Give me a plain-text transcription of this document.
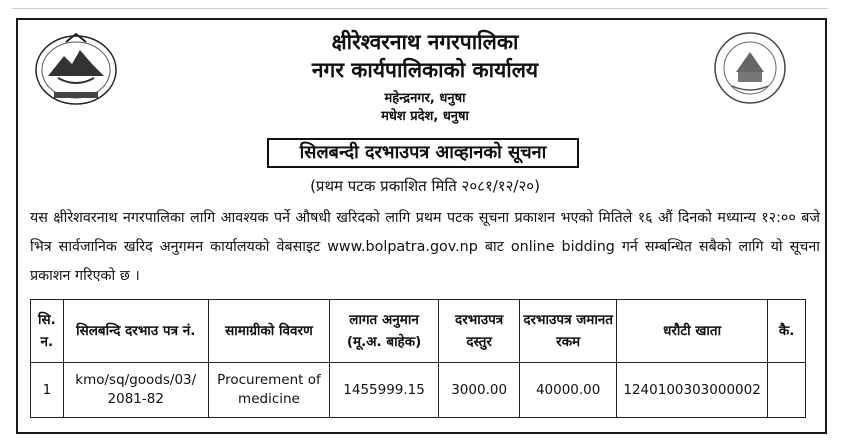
क्षीरेश्वरनाथ नगरपालिका
नगर कार्यपालिकाको कार्यालय
महेन्द्रनगर, धनुषा
मधेश प्रदेश, धनुषा
सिलबन्दी दरभाउपत्र आव्हानको सूचना
(प्रथम पटक प्रकाशित मिति २०८१/१२/२०)
यस क्षीरेशवरनाथ नगरपालिका लागि आवश्यक पर्ने औषधी खरिदको लागि प्रथम पटक सूचना प्रकाशन भएको मितिले १६ औं दिनको मध्यान्य १२:०० बजे भित्र सार्वजानिक खरिद अनुगमन कार्यालयको वेबसाइट www.bolpatra.gov.np बाट online bidding गर्न सम्बन्धित सबैको लागि यो सूचना प्रकाशन गरिएको छ ।
सि. न.	सिलबन्दि दरभाउ पत्र नं.	सामाग्रीको विवरण	लागत अनुमान (मू.अ. बाहेक)	दरभाउपत्र दस्तुर	दरभाउपत्र जमानत रकम	धरौटी खाता	कै.
1	kmo/sq/goods/03/ 2081-82	Procurement of medicine	1455999.15	3000.00	40000.00	1240100303000002	
